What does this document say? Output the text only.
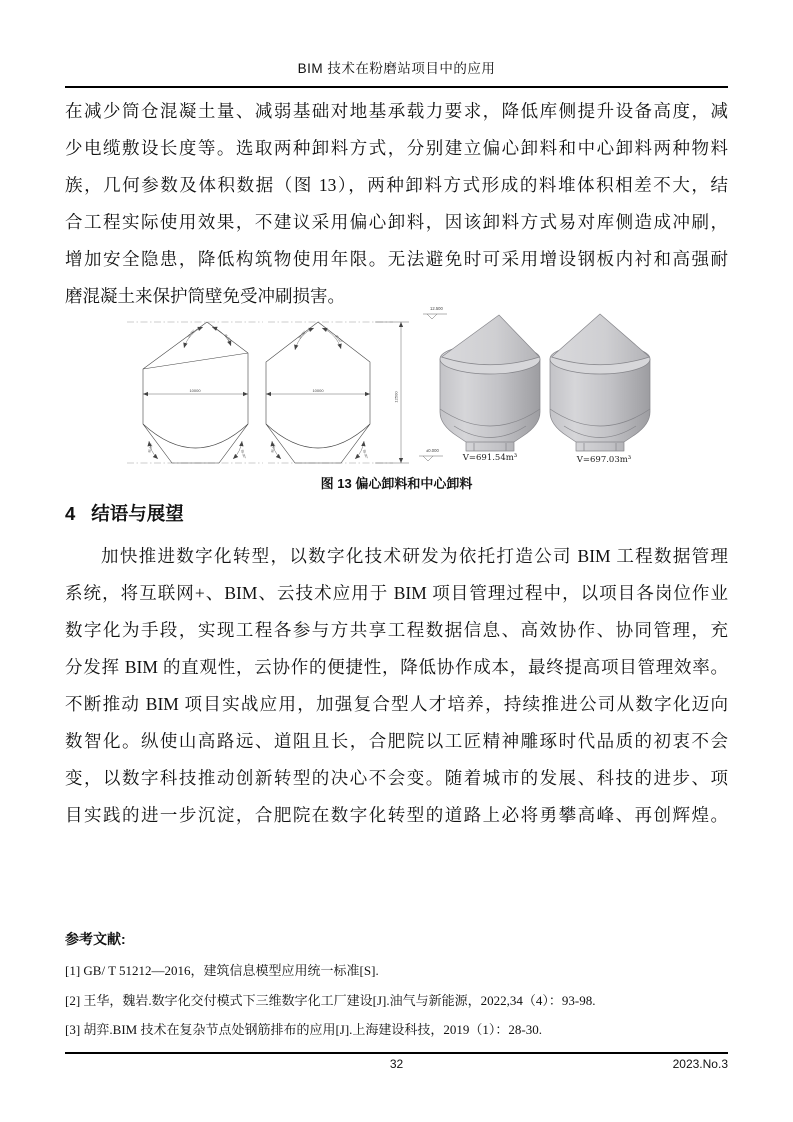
BIM 技术在粉磨站项目中的应用
在减少筒仓混凝土量、减弱基础对地基承载力要求，降低库侧提升设备高度，减
少电缆敷设长度等。选取两种卸料方式，分别建立偏心卸料和中心卸料两种物料
族，几何参数及体积数据（图 13），两种卸料方式形成的料堆体积相差不大，结
合工程实际使用效果，不建议采用偏心卸料，因该卸料方式易对库侧造成冲刷，
增加安全隐患，降低构筑物使用年限。无法避免时可采用增设钢板内衬和高强耐
磨混凝土来保护筒壁免受冲刷损害。
10000
35.00°	35.00°
35.00°
35.00°
10000
35.00°	35.00°
35.00°
35.00°
12500
12.500
±0.000
V=691.54m³	V=697.03m³
图 13 偏心卸料和中心卸料
4 结语与展望
加快推进数字化转型，以数字化技术研发为依托打造公司 BIM 工程数据管理
系统，将互联网+、BIM、云技术应用于 BIM 项目管理过程中，以项目各岗位作业
数字化为手段，实现工程各参与方共享工程数据信息、高效协作、协同管理，充
分发挥 BIM 的直观性，云协作的便捷性，降低协作成本，最终提高项目管理效率。
不断推动 BIM 项目实战应用，加强复合型人才培养，持续推进公司从数字化迈向
数智化。纵使山高路远、道阻且长，合肥院以工匠精神雕琢时代品质的初衷不会
变，以数字科技推动创新转型的决心不会变。随着城市的发展、科技的进步、项
目实践的进一步沉淀，合肥院在数字化转型的道路上必将勇攀高峰、再创辉煌。
参考文献:
[1] GB/ T 51212—2016，建筑信息模型应用统一标准[S].
[2] 王华，魏岩.数字化交付模式下三维数字化工厂建设[J].油气与新能源，2022,34（4）：93-98.
[3] 胡弈.BIM 技术在复杂节点处钢筋排布的应用[J].上海建设科技，2019（1）：28-30.
32	2023.No.3
